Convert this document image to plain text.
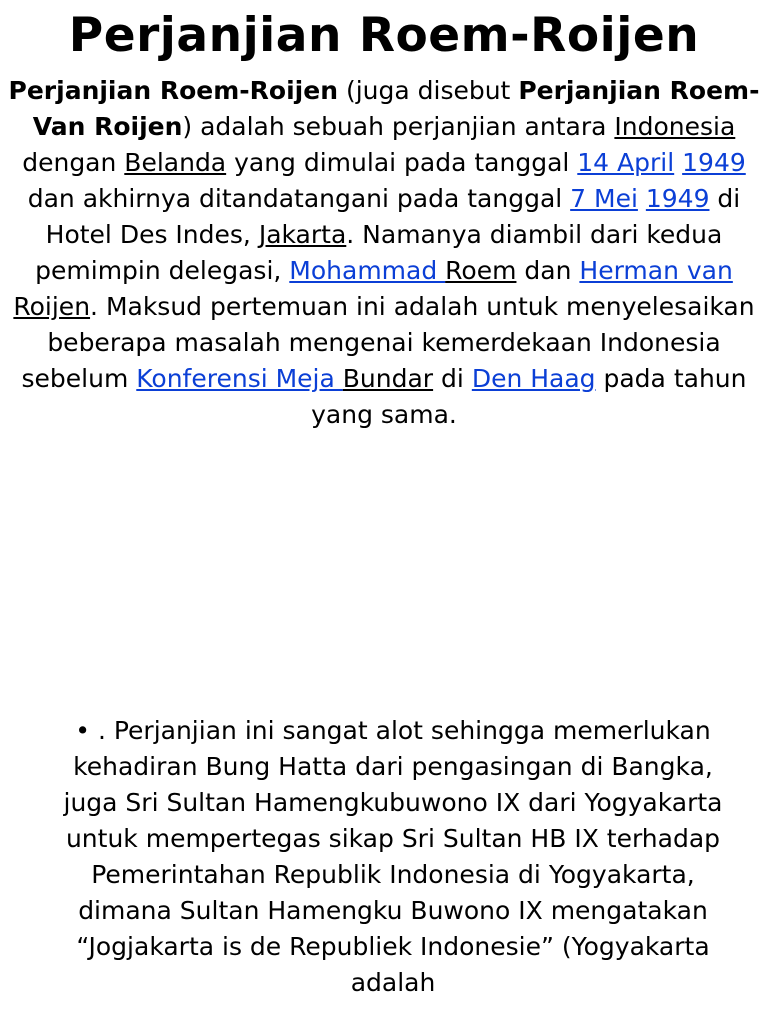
Perjanjian Roem-Roijen

Perjanjian Roem-Roijen (juga disebut Perjanjian Roem-Van Roijen) adalah sebuah perjanjian antara Indonesia dengan Belanda yang dimulai pada tanggal 14 April 1949 dan akhirnya ditandatangani pada tanggal 7 Mei 1949 di Hotel Des Indes, Jakarta. Namanya diambil dari kedua pemimpin delegasi, Mohammad Roem dan Herman van Roijen. Maksud pertemuan ini adalah untuk menyelesaikan beberapa masalah mengenai kemerdekaan Indonesia sebelum Konferensi Meja Bundar di Den Haag pada tahun yang sama.

• . Perjanjian ini sangat alot sehingga memerlukan kehadiran Bung Hatta dari pengasingan di Bangka, juga Sri Sultan Hamengkubuwono IX dari Yogyakarta untuk mempertegas sikap Sri Sultan HB IX terhadap Pemerintahan Republik Indonesia di Yogyakarta, dimana Sultan Hamengku Buwono IX mengatakan “Jogjakarta is de Republiek Indonesie” (Yogyakarta adalah
